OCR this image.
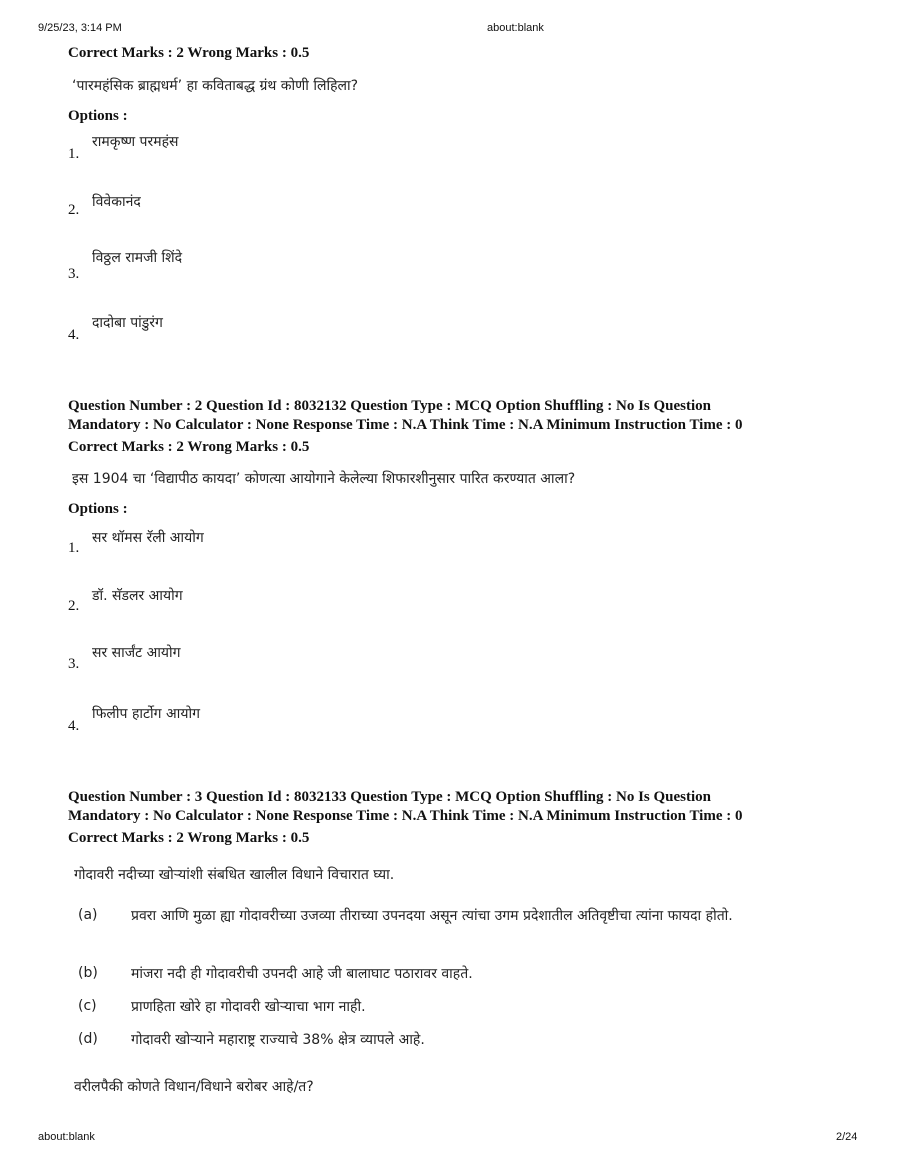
9/25/23, 3:14 PM	about:blank
Correct Marks : 2 Wrong Marks : 0.5
‘पारमहंसिक ब्राह्मधर्म’ हा कविताबद्ध ग्रंथ कोणी लिहिला?
Options :
1.
रामकृष्ण परमहंस
2. विवेकानंद
3.
विठ्ठल रामजी शिंदे
4.
दादोबा पांडुरंग
Question Number : 2 Question Id : 8032132 Question Type : MCQ Option Shuffling : No Is Question
Mandatory : No Calculator : None Response Time : N.A Think Time : N.A Minimum Instruction Time : 0
Correct Marks : 2 Wrong Marks : 0.5
इस 1904 चा ‘विद्यापीठ कायदा’ कोणत्या आयोगाने केलेल्या शिफारशीनुसार पारित करण्यात आला?
Options :
1.
सर थॉमस रॅली आयोग
2.
डॉ. सॅडलर आयोग
3.
सर सार्जंट आयोग
4.
फिलीप हार्टोग आयोग
Question Number : 3 Question Id : 8032133 Question Type : MCQ Option Shuffling : No Is Question
Mandatory : No Calculator : None Response Time : N.A Think Time : N.A Minimum Instruction Time : 0
Correct Marks : 2 Wrong Marks : 0.5
गोदावरी नदीच्या खोऱ्यांशी संबधित खालील विधाने विचारात घ्या.
(a) प्रवरा आणि मुळा ह्या गोदावरीच्या उजव्या तीराच्या उपनदया असून त्यांचा उगम प्रदेशातील अतिवृष्टीचा त्यांना फायदा होतो.
(b) मांजरा नदी ही गोदावरीची उपनदी आहे जी बालाघाट पठारावर वाहते.
(c) प्राणहिता खोरे हा गोदावरी खोऱ्याचा भाग नाही.
(d) गोदावरी खोऱ्याने महाराष्ट्र राज्याचे 38% क्षेत्र व्यापले आहे.
वरीलपैकी कोणते विधान/विधाने बरोबर आहे/त?
about:blank	2/24
